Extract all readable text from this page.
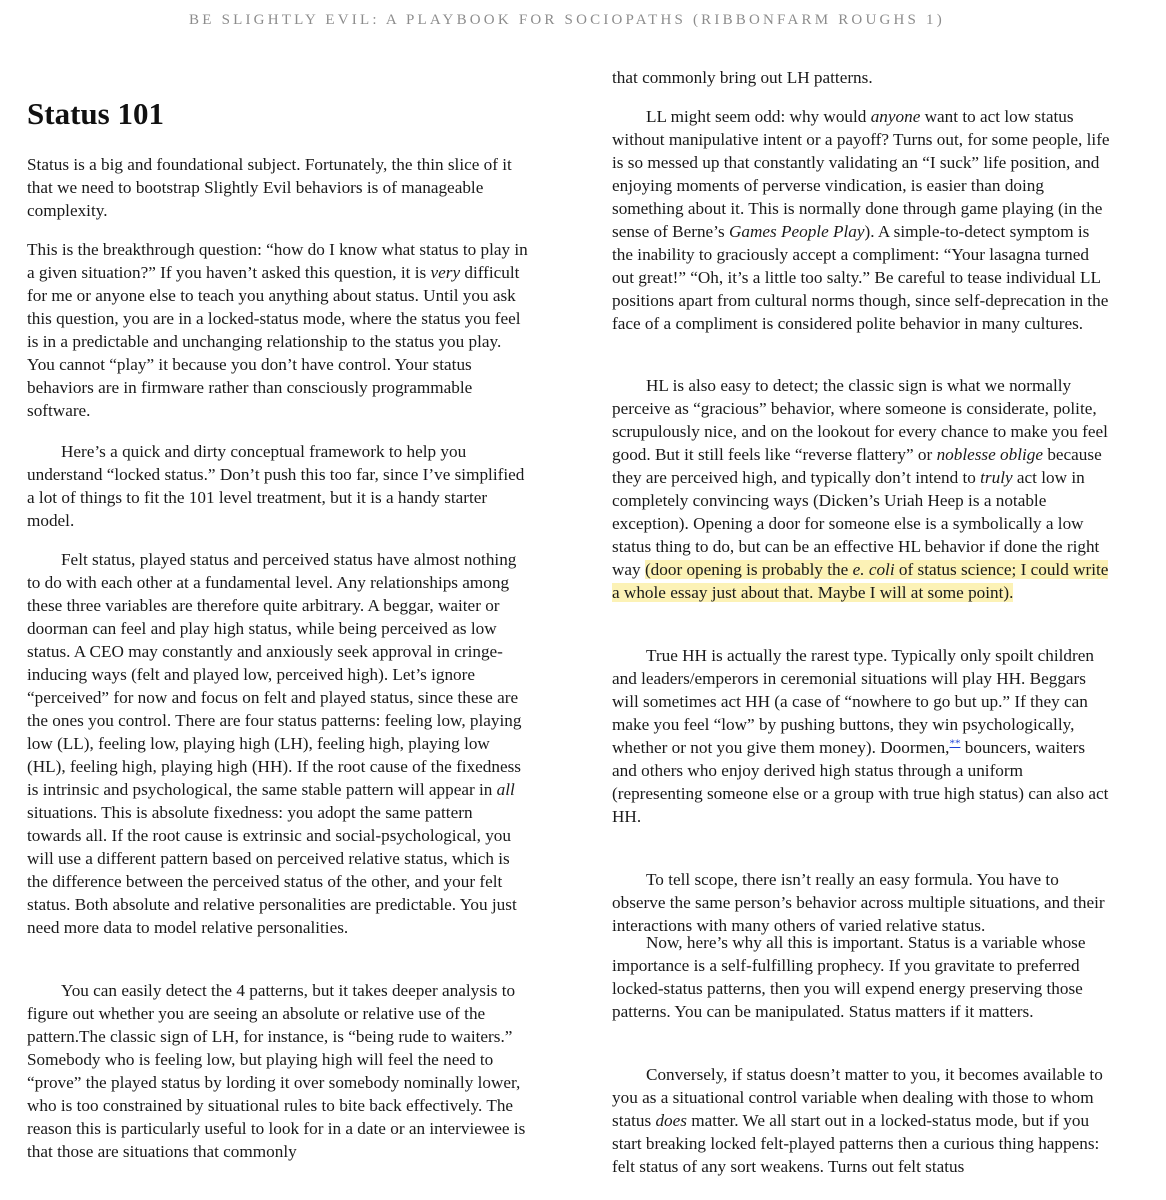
BE SLIGHTLY EVIL: A PLAYBOOK FOR SOCIOPATHS (RIBBONFARM ROUGHS 1)
Status 101

Status is a big and foundational subject. Fortunately, the thin slice of it that we need to bootstrap Slightly Evil behaviors is of manageable complexity.

This is the breakthrough question: “how do I know what status to play in a given situation?” If you haven’t asked this question, it is very difficult for me or anyone else to teach you anything about status. Until you ask this question, you are in a locked-status mode, where the status you feel is in a predictable and unchanging relationship to the status you play. You cannot “play” it because you don’t have control. Your status behaviors are in firmware rather than consciously programmable software.

Here’s a quick and dirty conceptual framework to help you understand “locked status.” Don’t push this too far, since I’ve simplified a lot of things to fit the 101 level treatment, but it is a handy starter model.

Felt status, played status and perceived status have almost nothing to do with each other at a fundamental level. Any relationships among these three variables are therefore quite arbitrary. A beggar, waiter or doorman can feel and play high status, while being perceived as low status. A CEO may constantly and anxiously seek approval in cringe-inducing ways (felt and played low, perceived high). Let’s ignore “perceived” for now and focus on felt and played status, since these are the ones you control. There are four status patterns: feeling low, playing low (LL), feeling low, playing high (LH), feeling high, playing low (HL), feeling high, playing high (HH). If the root cause of the fixedness is intrinsic and psychological, the same stable pattern will appear in all situations. This is absolute fixedness: you adopt the same pattern towards all. If the root cause is extrinsic and social-psychological, you will use a different pattern based on perceived relative status, which is the difference between the perceived status of the other, and your felt status. Both absolute and relative personalities are predictable. You just need more data to model relative personalities.

You can easily detect the 4 patterns, but it takes deeper analysis to figure out whether you are seeing an absolute or relative use of the pattern.The classic sign of LH, for instance, is “being rude to waiters.” Somebody who is feeling low, but playing high will feel the need to “prove” the played status by lording it over somebody nominally lower, who is too constrained by situational rules to bite back effectively. The reason this is particularly useful to look for in a date or an interviewee is that those are situations that commonly

that commonly bring out LH patterns.

LL might seem odd: why would anyone want to act low status without manipulative intent or a payoff? Turns out, for some people, life is so messed up that constantly validating an “I suck” life position, and enjoying moments of perverse vindication, is easier than doing something about it. This is normally done through game playing (in the sense of Berne’s Games People Play). A simple-to-detect symptom is the inability to graciously accept a compliment: “Your lasagna turned out great!” “Oh, it’s a little too salty.” Be careful to tease individual LL positions apart from cultural norms though, since self-deprecation in the face of a compliment is considered polite behavior in many cultures.

HL is also easy to detect; the classic sign is what we normally perceive as “gracious” behavior, where someone is considerate, polite, scrupulously nice, and on the lookout for every chance to make you feel good. But it still feels like “reverse flattery” or noblesse oblige because they are perceived high, and typically don’t intend to truly act low in completely convincing ways (Dicken’s Uriah Heep is a notable exception). Opening a door for someone else is a symbolically a low status thing to do, but can be an effective HL behavior if done the right way (door opening is probably the e. coli of status science; I could write a whole essay just about that. Maybe I will at some point).

True HH is actually the rarest type. Typically only spoilt children and leaders/emperors in ceremonial situations will play HH. Beggars will sometimes act HH (a case of “nowhere to go but up.” If they can make you feel “low” by pushing buttons, they win psychologically, whether or not you give them money). Doormen,** bouncers, waiters and others who enjoy derived high status through a uniform (representing someone else or a group with true high status) can also act HH.

To tell scope, there isn’t really an easy formula. You have to observe the same person’s behavior across multiple situations, and their interactions with many others of varied relative status.

Now, here’s why all this is important. Status is a variable whose importance is a self-fulfilling prophecy. If you gravitate to preferred locked-status patterns, then you will expend energy preserving those patterns. You can be manipulated. Status matters if it matters.

Conversely, if status doesn’t matter to you, it becomes available to you as a situational control variable when dealing with those to whom status does matter. We all start out in a locked-status mode, but if you start breaking locked felt-played patterns then a curious thing happens: felt status of any sort weakens. Turns out felt status
